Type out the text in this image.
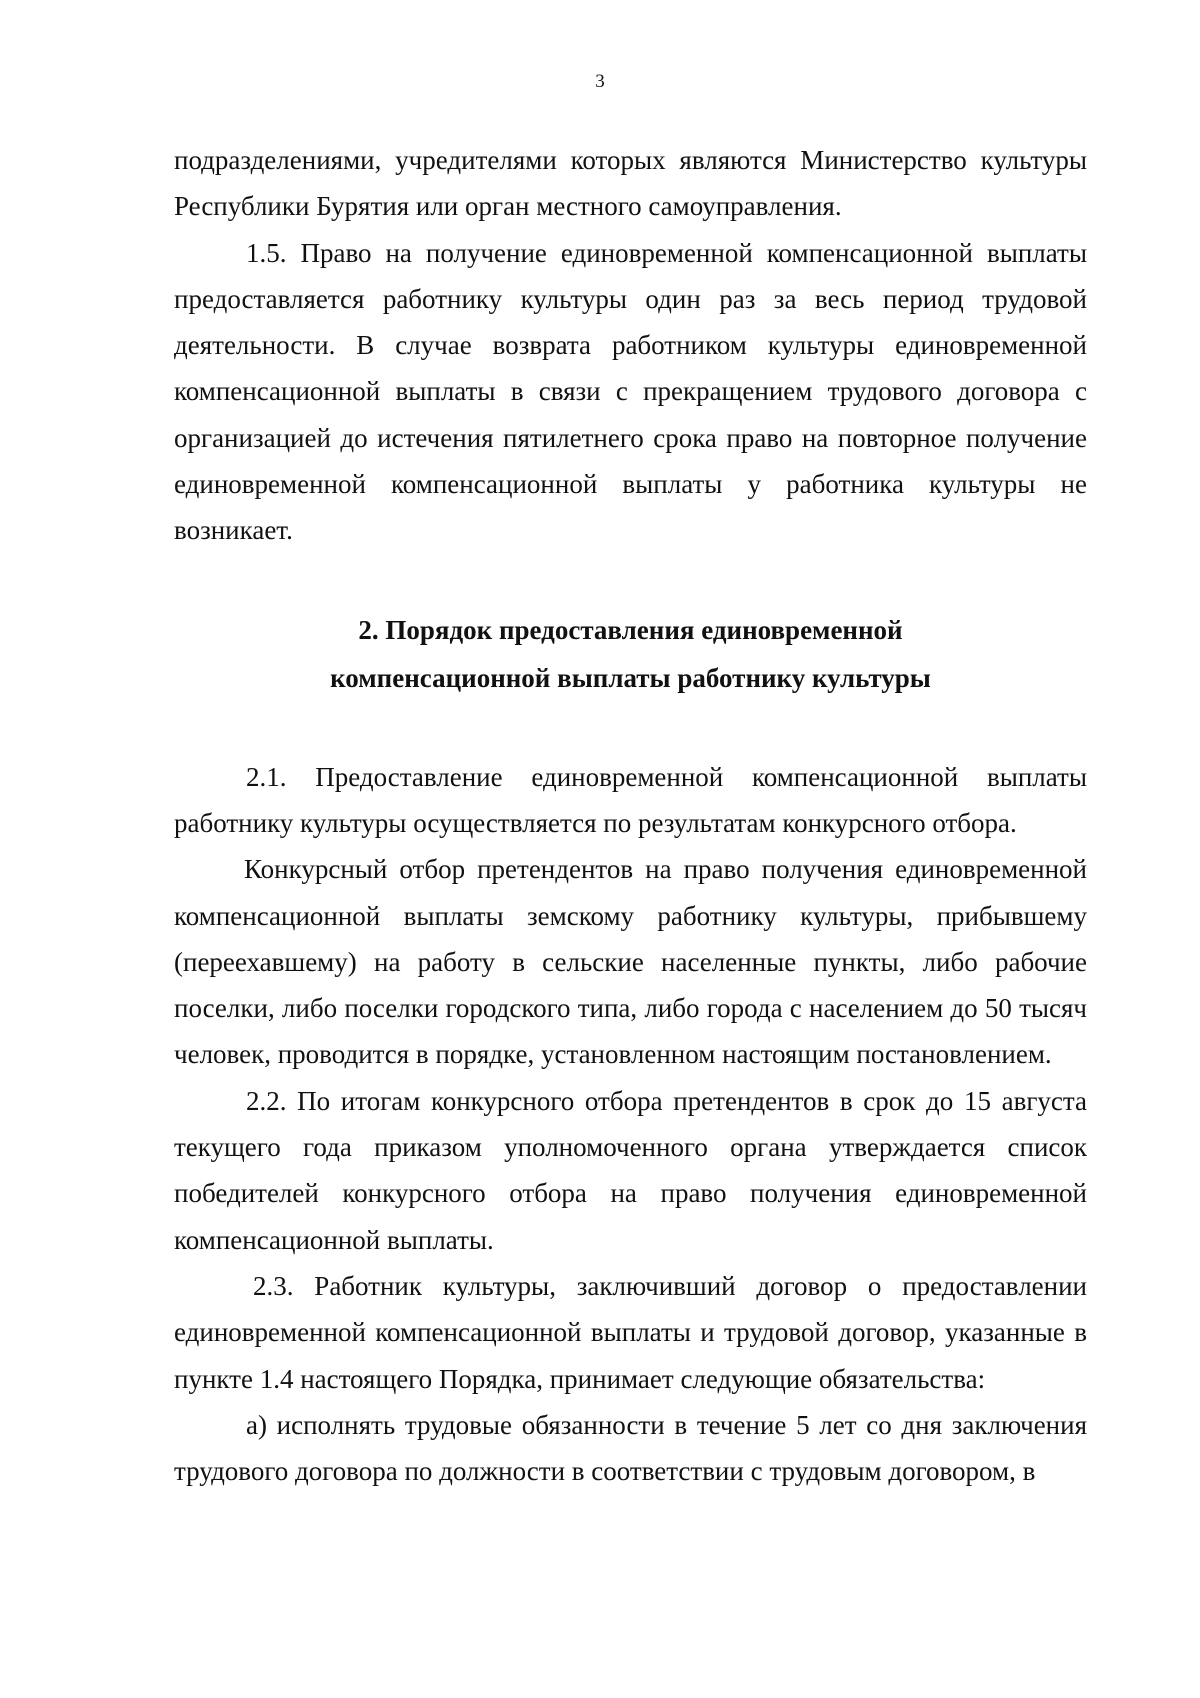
3

подразделениями, учредителями которых являются Министерство культуры Республики Бурятия или орган местного самоуправления.

1.5. Право на получение единовременной компенсационной выплаты предоставляется работнику культуры один раз за весь период трудовой деятельности. В случае возврата работником культуры единовременной компенсационной выплаты в связи с прекращением трудового договора с организацией до истечения пятилетнего срока право на повторное получение единовременной компенсационной выплаты у работника культуры не возникает.

2. Порядок предоставления единовременной

компенсационной выплаты работнику культуры

2.1. Предоставление единовременной компенсационной выплаты работнику культуры осуществляется по результатам конкурсного отбора.

Конкурсный отбор претендентов на право получения единовременной компенсационной выплаты земскому работнику культуры, прибывшему (переехавшему) на работу в сельские населенные пункты, либо рабочие поселки, либо поселки городского типа, либо города с населением до 50 тысяч человек, проводится в порядке, установленном настоящим постановлением.

2.2. По итогам конкурсного отбора претендентов в срок до 15 августа текущего года приказом уполномоченного органа утверждается список победителей конкурсного отбора на право получения единовременной компенсационной выплаты.

2.3. Работник культуры, заключивший договор о предоставлении единовременной компенсационной выплаты и трудовой договор, указанные в пункте 1.4 настоящего Порядка, принимает следующие обязательства:

а) исполнять трудовые обязанности в течение 5 лет со дня заключения трудового договора по должности в соответствии с трудовым договором, в
